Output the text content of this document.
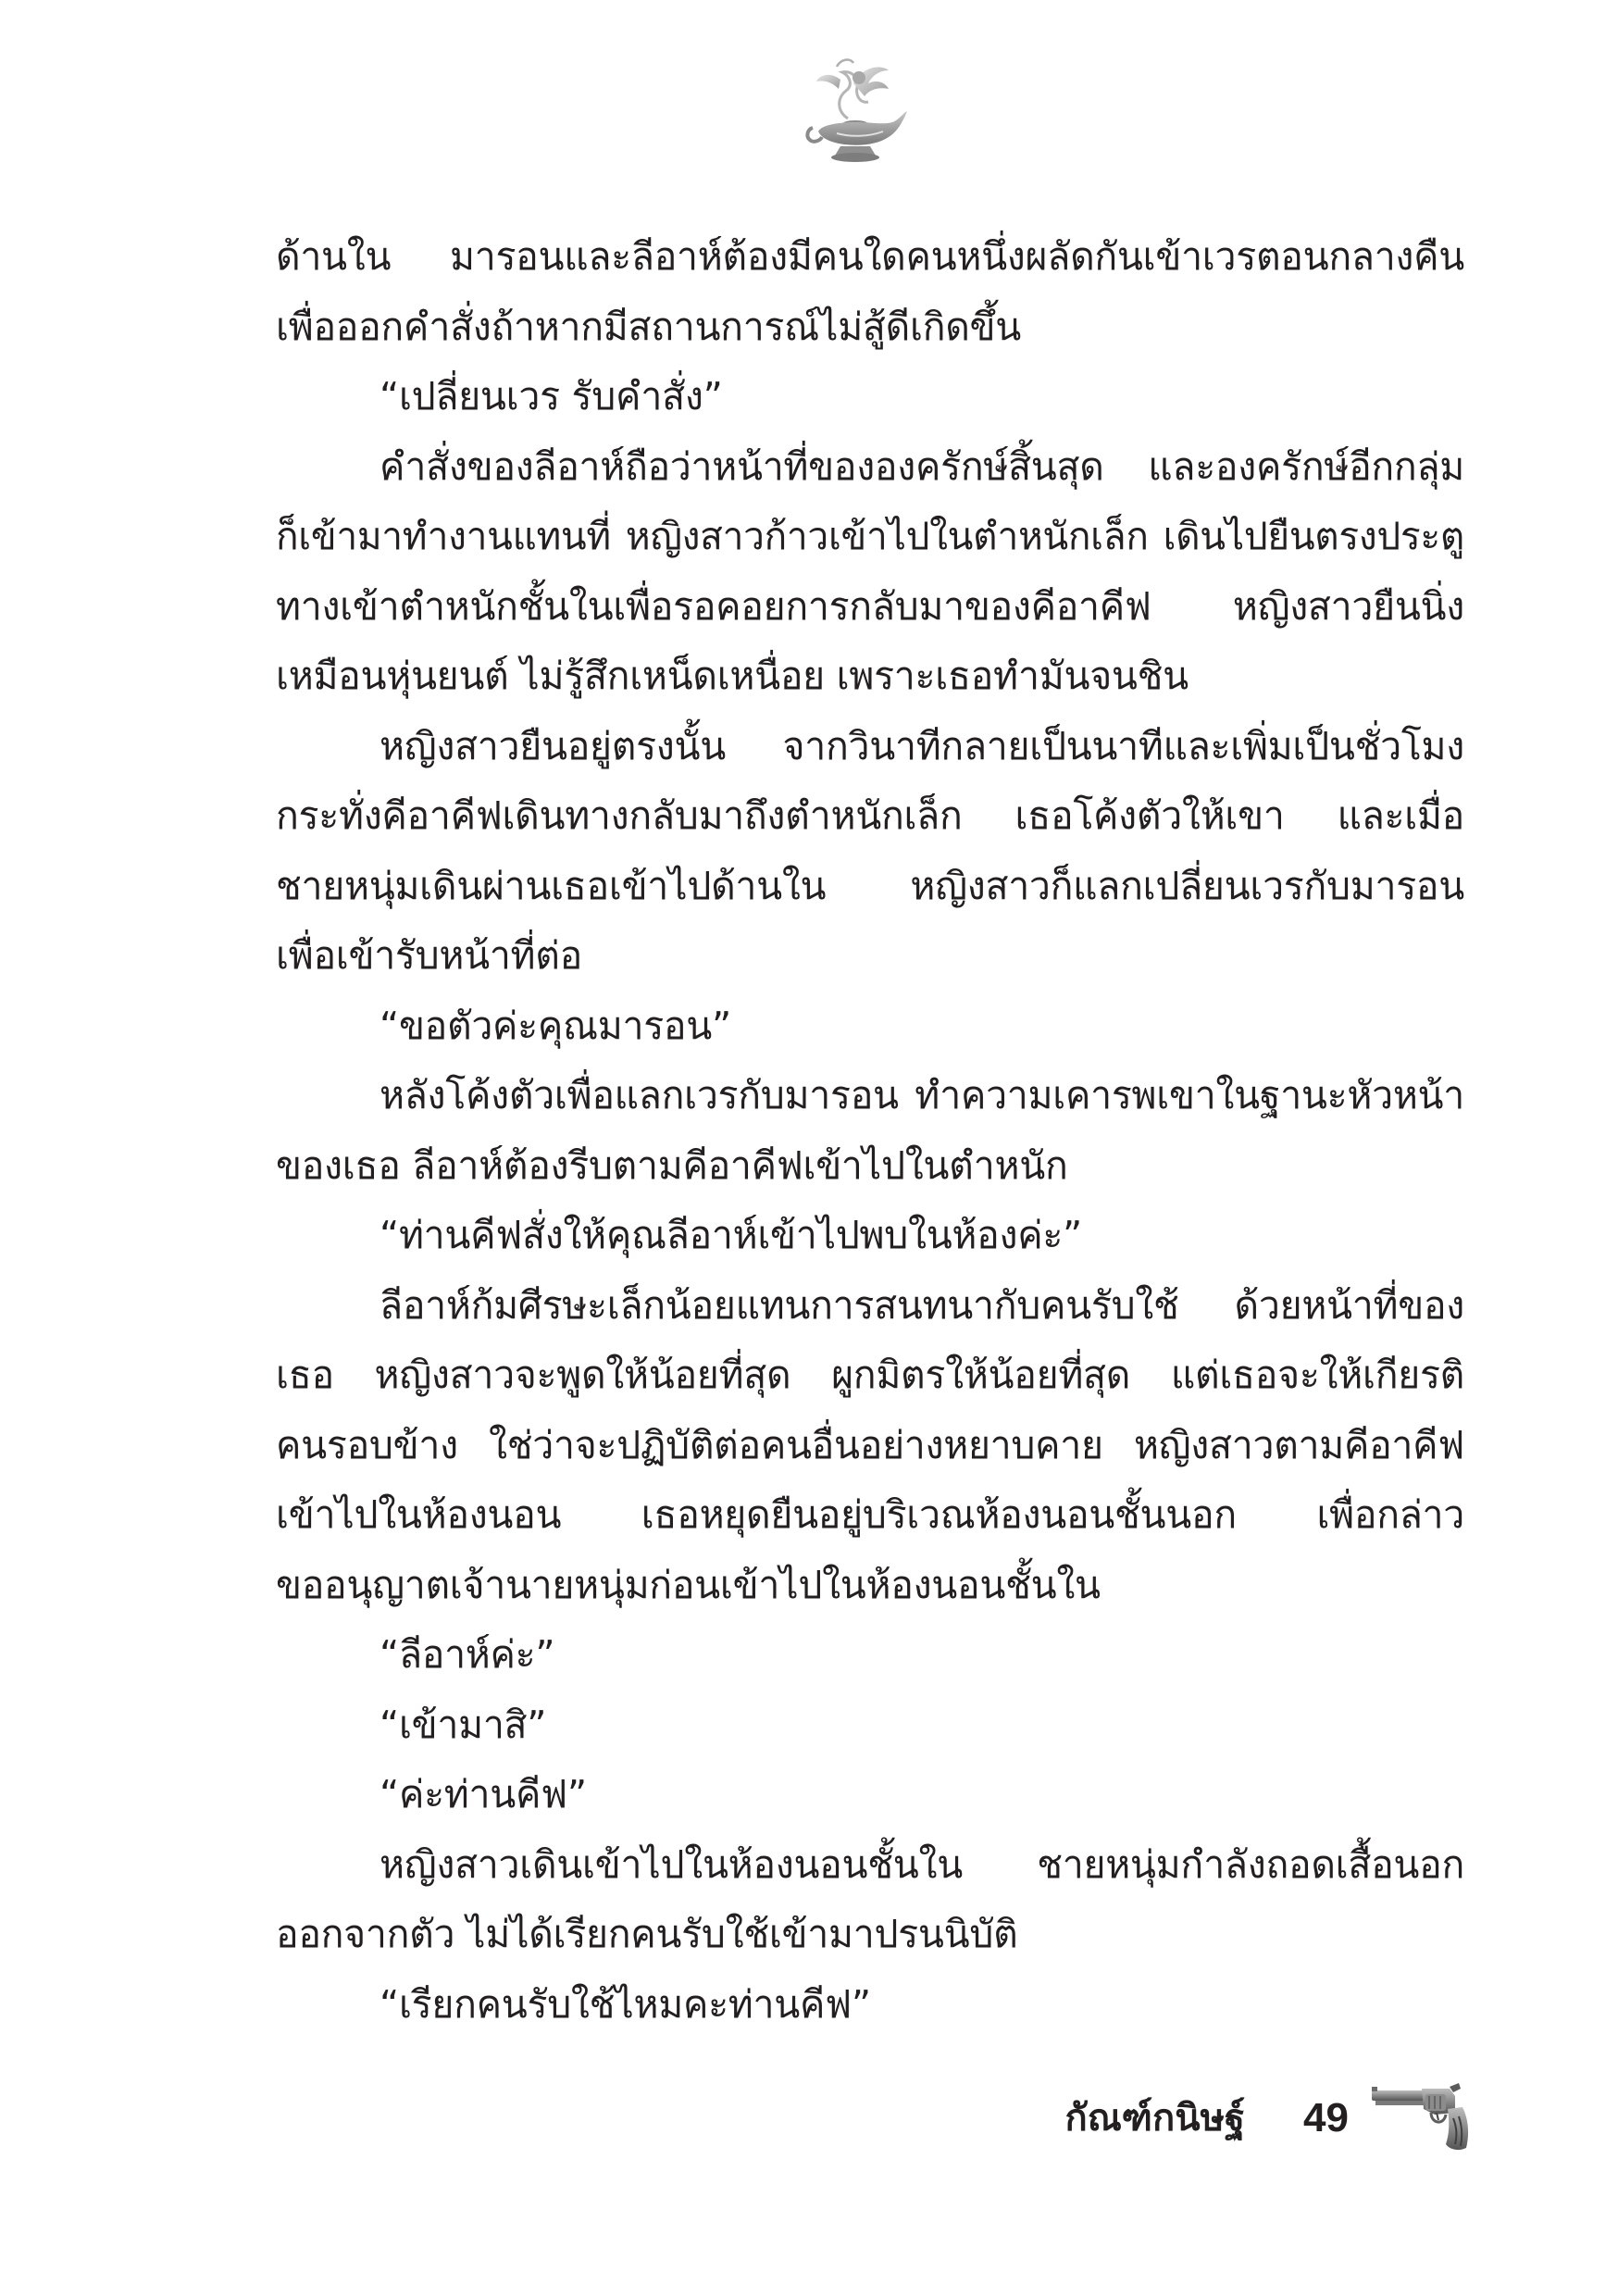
ด้านใน มารอนและลีอาห์ต้องมีคนใดคนหนึ่งผลัดกันเข้าเวรตอนกลางคืน
เพื่อออกคำสั่งถ้าหากมีสถานการณ์ไม่สู้ดีเกิดขึ้น
“เปลี่ยนเวร รับคำสั่ง”
คำสั่งของลีอาห์ถือว่าหน้าที่ขององครักษ์สิ้นสุด และองครักษ์อีกกลุ่ม
ก็เข้ามาทำงานแทนที่ หญิงสาวก้าวเข้าไปในตำหนักเล็ก เดินไปยืนตรงประตู
ทางเข้าตำหนักชั้นในเพื่อรอคอยการกลับมาของคีอาคีฟ หญิงสาวยืนนิ่ง
เหมือนหุ่นยนต์ ไม่รู้สึกเหน็ดเหนื่อย เพราะเธอทำมันจนชิน
หญิงสาวยืนอยู่ตรงนั้น จากวินาทีกลายเป็นนาทีและเพิ่มเป็นชั่วโมง
กระทั่งคีอาคีฟเดินทางกลับมาถึงตำหนักเล็ก เธอโค้งตัวให้เขา และเมื่อ
ชายหนุ่มเดินผ่านเธอเข้าไปด้านใน หญิงสาวก็แลกเปลี่ยนเวรกับมารอน
เพื่อเข้ารับหน้าที่ต่อ
“ขอตัวค่ะคุณมารอน”
หลังโค้งตัวเพื่อแลกเวรกับมารอน ทำความเคารพเขาในฐานะหัวหน้า
ของเธอ ลีอาห์ต้องรีบตามคีอาคีฟเข้าไปในตำหนัก
“ท่านคีฟสั่งให้คุณลีอาห์เข้าไปพบในห้องค่ะ”
ลีอาห์ก้มศีรษะเล็กน้อยแทนการสนทนากับคนรับใช้ ด้วยหน้าที่ของ
เธอ หญิงสาวจะพูดให้น้อยที่สุด ผูกมิตรให้น้อยที่สุด แต่เธอจะให้เกียรติ
คนรอบข้าง ใช่ว่าจะปฏิบัติต่อคนอื่นอย่างหยาบคาย หญิงสาวตามคีอาคีฟ
เข้าไปในห้องนอน เธอหยุดยืนอยู่บริเวณห้องนอนชั้นนอก เพื่อกล่าว
ขออนุญาตเจ้านายหนุ่มก่อนเข้าไปในห้องนอนชั้นใน
“ลีอาห์ค่ะ”
“เข้ามาสิ”
“ค่ะท่านคีฟ”
หญิงสาวเดินเข้าไปในห้องนอนชั้นใน ชายหนุ่มกำลังถอดเสื้อนอก
ออกจากตัว ไม่ได้เรียกคนรับใช้เข้ามาปรนนิบัติ
“เรียกคนรับใช้ไหมคะท่านคีฟ”
กัณฑ์กนิษฐ์ 49
